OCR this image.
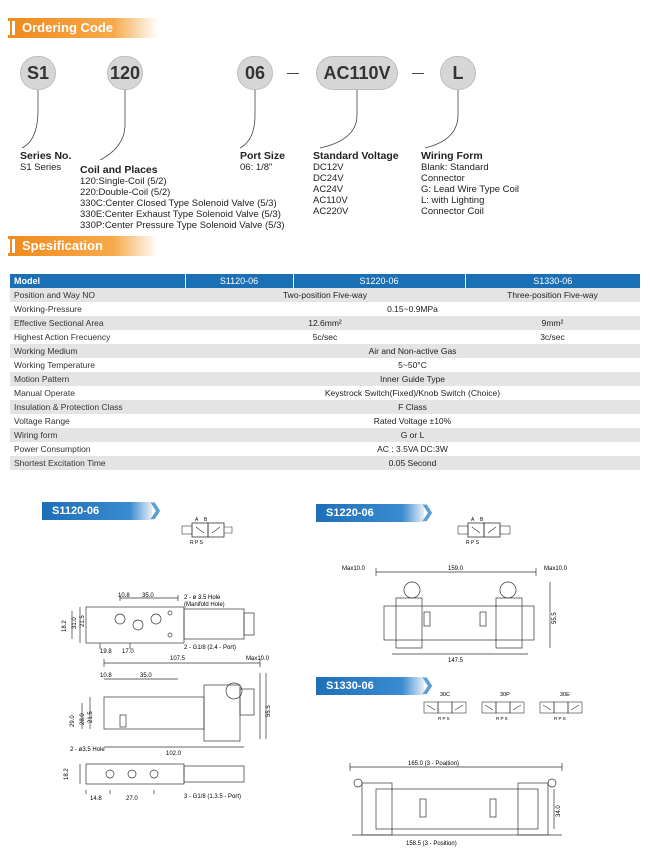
Ordering Code
S1	120	06	AC110V	L
Series No.
S1 Series	Coil and Places
120:Single-Coil (5/2)
220:Double-Coil (5/2)
330C:Center Closed Type Solenoid Valve (5/3)
330E:Center Exhaust Type Solenoid Valve (5/3)
330P:Center Pressure Type Solenoid Valve (5/3)
Port Size
06: 1/8"
Standard Voltage
DC12V
DC24V
AC24V
AC110V
AC220V
Wiring Form
Blank: Standard
Connector
G: Lead Wire Type Coil
L: with Lighting
Connector Coil
Spesification
Model	S1120-06	S1220-06	S1330-06
Position and Way NO	Two-position Five-way		Three-position Five-way
Working-Pressure	0.15~0.9MPa		
Effective Sectional Area	12.6mm²		9mm²
Highest Action Frecuency	5c/sec		3c/sec
Working Medium	Air and Non-active Gas		
Working Temperature	5~50°C		
Motion Pattern	Inner Guide Type		
Manual Operate	Keystrock Switch(Fixed)/Knob Switch (Choice)		
Insulation & Protection Class	F Class		
Voltage Range	Rated Voltage ±10%		
Wiring form	G or L		
Power Consumption	AC : 3.5VA DC:3W		
Shortest Excitation Time	0.05 Second		
S1120-06	❯	S1220-06	❯
S1330-06	❯
A B
R P S
A B
R P S
30C	30P	30E
R P S	R P S	R P S
10.8 35.0
18.2 31.0 21.5
19.8 17.0
2 - ø 3.5 Hole
(Manifold Hole)
2 - G1/8 (2.4 - Port)
107.5	Max10.0
10.8	35.0
29.0 28.0 21.5
55.5
102.0
2 - ø3.5 Hole
18.2
14.8	27.0	3 - G1/8 (1.3.5 - Port)
Max10.0	159.0	Max10.0
55.5
147.5
165.0 (3 - Poaition)
34.0
158.5 (3 - Position)
